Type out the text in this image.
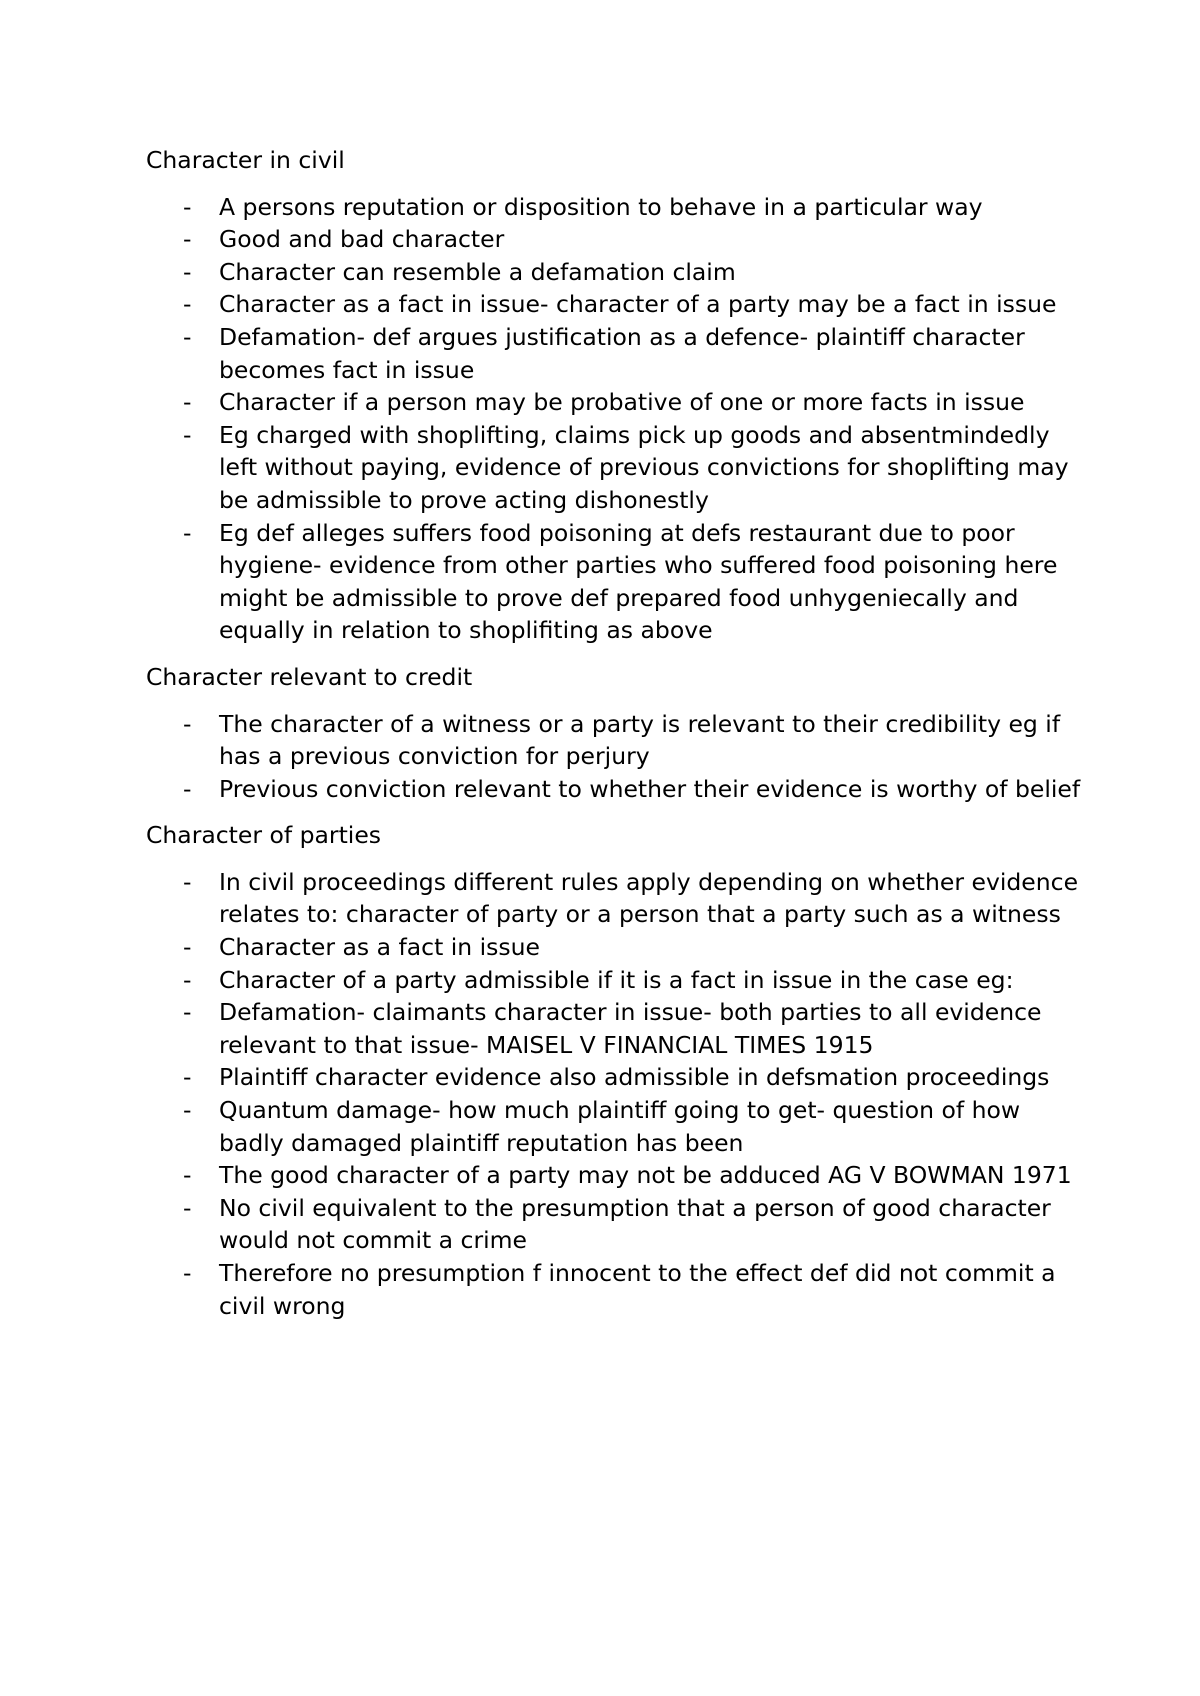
Character in civil

- A persons reputation or disposition to behave in a particular way
- Good and bad character
- Character can resemble a defamation claim
- Character as a fact in issue- character of a party may be a fact in issue
- Defamation- def argues justification as a defence- plaintiff character becomes fact in issue
- Character if a person may be probative of one or more facts in issue
- Eg charged with shoplifting, claims pick up goods and absentmindedly left without paying, evidence of previous convictions for shoplifting may be admissible to prove acting dishonestly
- Eg def alleges suffers food poisoning at defs restaurant due to poor hygiene- evidence from other parties who suffered food poisoning here might be admissible to prove def prepared food unhygeniecally and equally in relation to shoplifiting as above

Character relevant to credit

- The character of a witness or a party is relevant to their credibility eg if has a previous conviction for perjury
- Previous conviction relevant to whether their evidence is worthy of belief

Character of parties

- In civil proceedings different rules apply depending on whether evidence relates to: character of party or a person that a party such as a witness
- Character as a fact in issue
- Character of a party admissible if it is a fact in issue in the case eg:
- Defamation- claimants character in issue- both parties to all evidence relevant to that issue- MAISEL V FINANCIAL TIMES 1915
- Plaintiff character evidence also admissible in defsmation proceedings
- Quantum damage- how much plaintiff going to get- question of how badly damaged plaintiff reputation has been
- The good character of a party may not be adduced AG V BOWMAN 1971
- No civil equivalent to the presumption that a person of good character would not commit a crime
- Therefore no presumption f innocent to the effect def did not commit a civil wrong
